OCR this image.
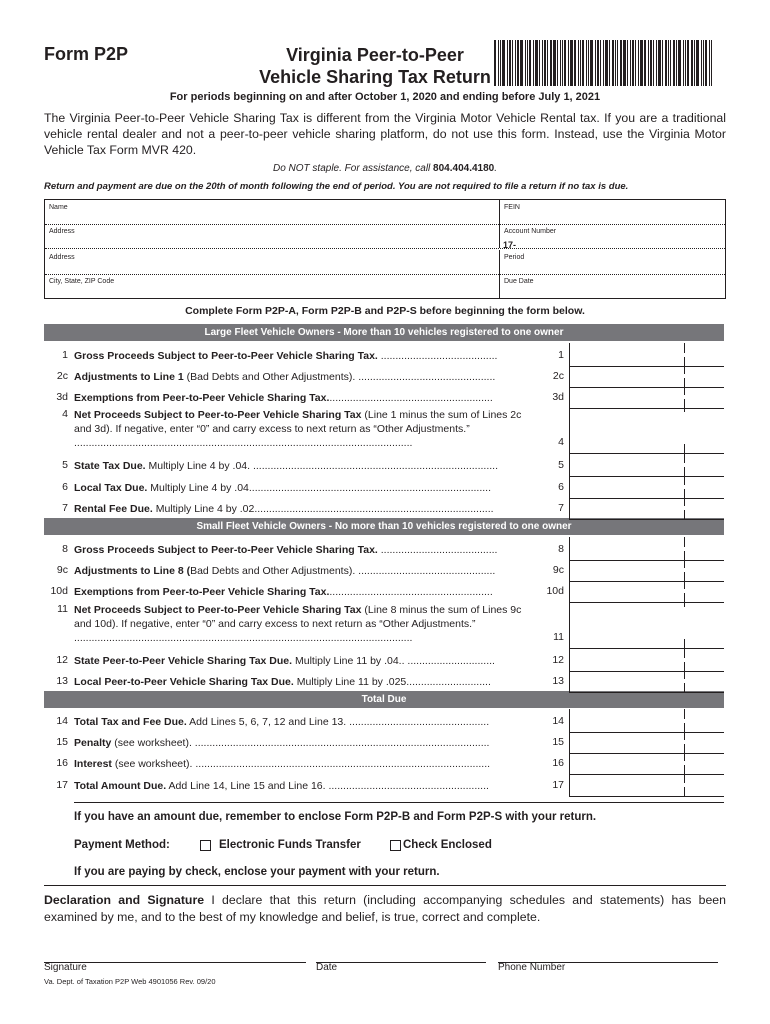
Form P2P	Virginia Peer-to-Peer
Vehicle Sharing Tax Return
For periods beginning on and after October 1, 2020 and ending before July 1, 2021
The Virginia Peer-to-Peer Vehicle Sharing Tax is different from the Virginia Motor Vehicle Rental tax. If you are a traditional vehicle rental dealer and not a peer-to-peer vehicle sharing platform, do not use this form. Instead, use the Virginia Motor Vehicle Tax Form MVR 420.
Do NOT staple. For assistance, call 804.404.4180.
Return and payment are due on the 20th of month following the end of period. You are not required to file a return if no tax is due.
Name	FEIN
Address	Account Number
17-
Address	Period
City, State, ZIP Code	Due Date
Complete Form P2P-A, Form P2P-B and P2P-S before beginning the form below.
Large Fleet Vehicle Owners - More than 10 vehicles registered to one owner
Small Fleet Vehicle Owners - No more than 10 vehicles registered to one owner
Total Due
1 Gross Proceeds Subject to Peer-to-Peer Vehicle Sharing Tax. ........................................	1
2c Adjustments to Line 1 (Bad Debts and Other Adjustments). ...............................................	2c
3d Exemptions from Peer-to-Peer Vehicle Sharing Tax.........................................................	3d
4 Net Proceeds Subject to Peer-to-Peer Vehicle Sharing Tax (Line 1 minus the sum of Lines 2c and 3d). If negative, enter “0” and carry excess to next return as “Other Adjustments.” ....................................................................................................................	4
5 State Tax Due. Multiply Line 4 by .04. ....................................................................................	5
6 Local Tax Due. Multiply Line 4 by .04...................................................................................	6
7 Rental Fee Due. Multiply Line 4 by .02..................................................................................	7
8 Gross Proceeds Subject to Peer-to-Peer Vehicle Sharing Tax. ........................................	8
9c Adjustments to Line 8 (Bad Debts and Other Adjustments). ...............................................	9c
10d Exemptions from Peer-to-Peer Vehicle Sharing Tax.........................................................	10d
11 Net Proceeds Subject to Peer-to-Peer Vehicle Sharing Tax (Line 8 minus the sum of Lines 9c and 10d). If negative, enter “0” and carry excess to next return as “Other Adjustments.” ....................................................................................................................	11
12 State Peer-to-Peer Vehicle Sharing Tax Due. Multiply Line 11 by .04.. ..............................	12
13 Local Peer-to-Peer Vehicle Sharing Tax Due. Multiply Line 11 by .025.............................	13
14 Total Tax and Fee Due. Add Lines 5, 6, 7, 12 and Line 13. ................................................	14
15 Penalty (see worksheet). .....................................................................................................	15
16 Interest (see worksheet). .....................................................................................................	16
17 Total Amount Due. Add Line 14, Line 15 and Line 16. .......................................................	17
If you have an amount due, remember to enclose Form P2P-B and Form P2P-S with your return.
Payment Method:	Electronic Funds Transfer	Check Enclosed
If you are paying by check, enclose your payment with your return.
Declaration and Signature I declare that this return (including accompanying schedules and statements) has been examined by me, and to the best of my knowledge and belief, is true, correct and complete.
Signature	Date	Phone Number
Va. Dept. of Taxation P2P Web 4901056 Rev. 09/20
